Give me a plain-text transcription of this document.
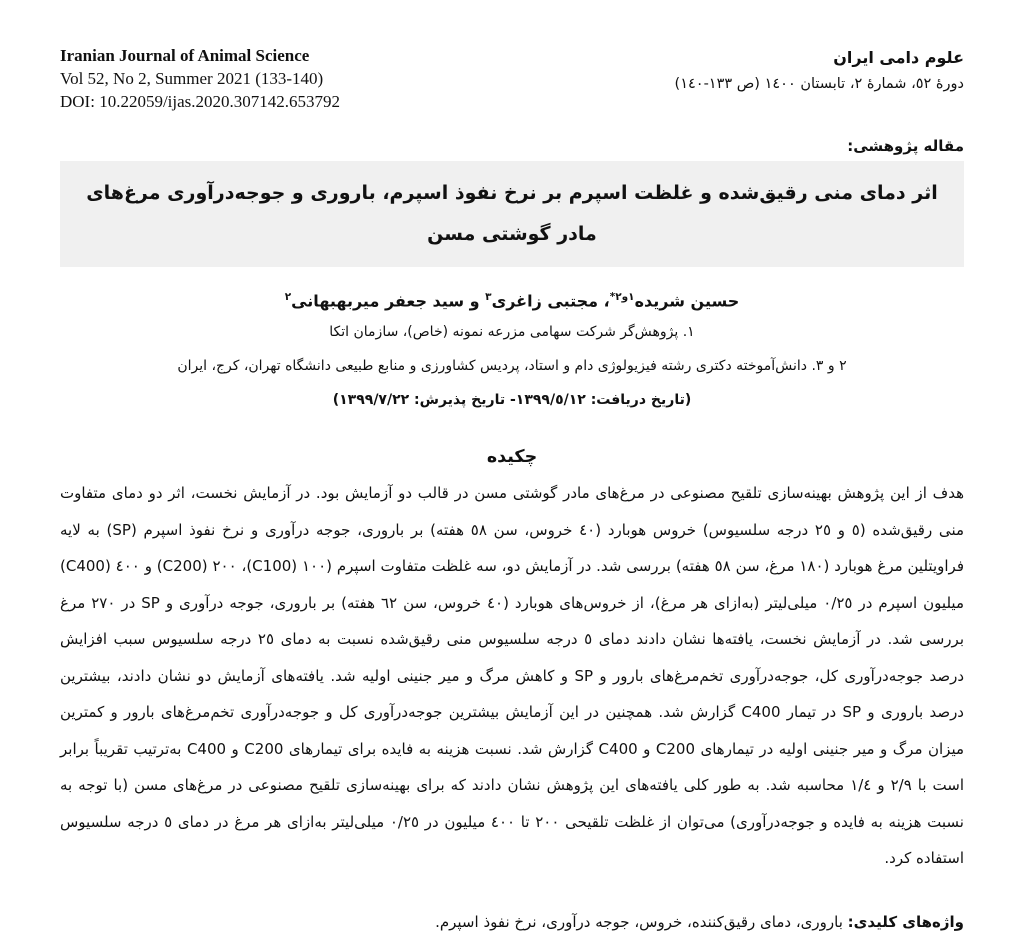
Iranian Journal of Animal Science
Vol 52, No 2, Summer 2021 (133-140)
DOI: 10.22059/ijas.2020.307142.653792
علوم دامی ایران
دورۀ ٥٢، شمارۀ ٢، تابستان ١٤٠٠ (ص ١٣٣-١٤٠)
مقاله پژوهشی:
اثر دمای منی رقیق‌شده و غلظت اسپرم بر نرخ نفوذ اسپرم، باروری و جوجه‌درآوری مرغ‌های مادر گوشتی مسن
حسین شریده$^{١و٢*}$، مجتبی زاغری$^٣$ و سید جعفر میربهبهانی$^٢$
١. پژوهش‌گر شرکت سهامی مزرعه نمونه (خاص)، سازمان اتکا
٢ و ٣. دانش‌آموخته دکتری رشته فیزیولوژی دام و استاد، پردیس کشاورزی و منابع طبیعی دانشگاه تهران، کرج، ایران
(تاریخ دریافت: ١٣٩٩/٥/١٢- تاریخ پذیرش: ١٣٩٩/٧/٢٢)
چکیده

هدف از این پژوهش بهینه‌سازی تلقیح مصنوعی در مرغ‌های مادر گوشتی مسن در قالب دو آزمایش بود. در آزمایش نخست، اثر دو دمای متفاوت منی رقیق‌شده (٥ و ٢٥ درجه سلسیوس) خروس هوبارد (٤٠ خروس، سن ٥٨ هفته) بر باروری، جوجه درآوری و نرخ نفوذ اسپرم (SP) به لایه فراویتلین مرغ هوبارد (١٨٠ مرغ، سن ٥٨ هفته) بررسی شد. در آزمایش دو، سه غلظت متفاوت اسپرم (١٠٠ (C100)، ٢٠٠ (C200) و ٤٠٠ (C400) میلیون اسپرم در ٠/٢٥ میلی‌لیتر (به‌ازای هر مرغ)، از خروس‌های هوبارد (٤٠ خروس، سن ٦٢ هفته) بر باروری، جوجه درآوری و SP در ٢٧٠ مرغ بررسی شد. در آزمایش نخست، یافته‌ها نشان دادند دمای ٥ درجه سلسیوس منی رقیق‌شده نسبت به دمای ٢٥ درجه سلسیوس سبب افزایش درصد جوجه‌درآوری کل، جوجه‌درآوری تخم‌مرغ‌های بارور و SP و کاهش مرگ و میر جنینی اولیه شد. یافته‌های آزمایش دو نشان دادند، بیشترین درصد باروری و SP در تیمار C400 گزارش شد. همچنین در این آزمایش بیشترین جوجه‌درآوری کل و جوجه‌درآوری تخم‌مرغ‌های بارور و کمترین میزان مرگ و میر جنینی اولیه در تیمارهای C200 و C400 گزارش شد. نسبت هزینه به فایده برای تیمارهای C200 و C400 به‌ترتیب تقریباً برابر است با ٢/٩ و ١/٤ محاسبه شد. به طور کلی یافته‌های این پژوهش نشان دادند که برای بهینه‌سازی تلقیح مصنوعی در مرغ‌های مسن (با توجه به نسبت هزینه به فایده و جوجه‌درآوری) می‌توان از غلظت تلقیحی ٢٠٠ تا ٤٠٠ میلیون در ٠/٢٥ میلی‌لیتر به‌ازای هر مرغ در دمای ٥ درجه سلسیوس استفاده کرد.

واژه‌های کلیدی: باروری، دمای رقیق‌کننده، خروس، جوجه درآوری، نرخ نفوذ اسپرم.
